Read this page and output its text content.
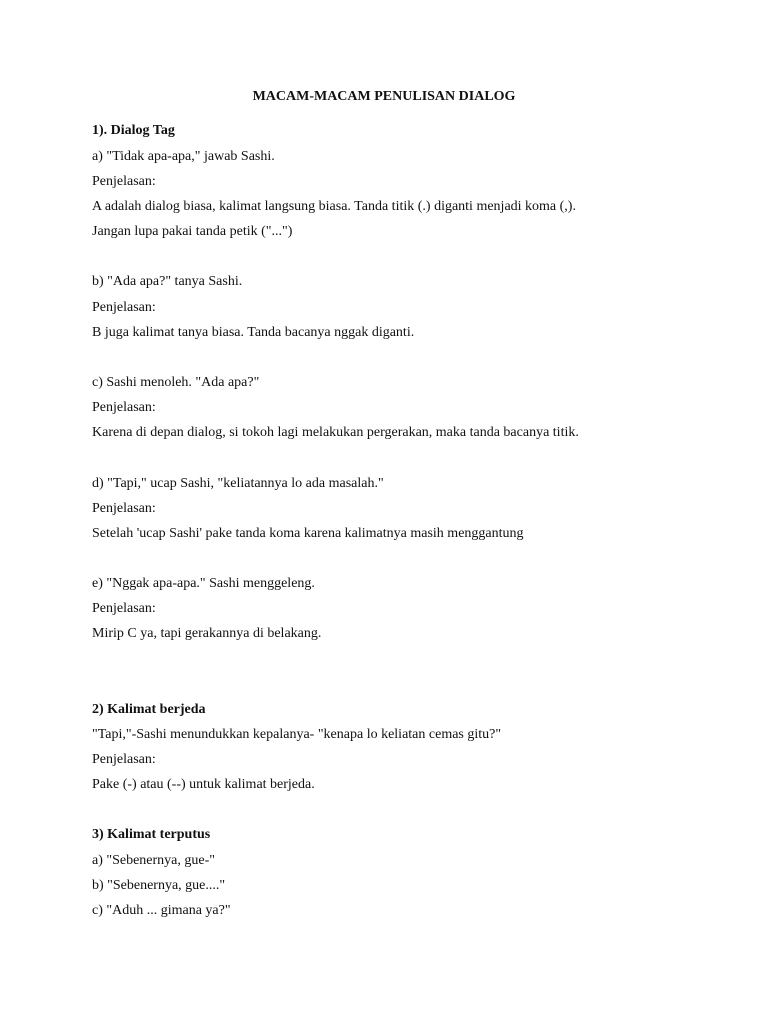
MACAM-MACAM PENULISAN DIALOG
1). Dialog Tag
a) "Tidak apa-apa," jawab Sashi.
Penjelasan:
A adalah dialog biasa, kalimat langsung biasa. Tanda titik (.) diganti menjadi koma (,).
Jangan lupa pakai tanda petik ("...")
b) "Ada apa?" tanya Sashi.
Penjelasan:
B juga kalimat tanya biasa. Tanda bacanya nggak diganti.
c) Sashi menoleh. "Ada apa?"
Penjelasan:
Karena di depan dialog, si tokoh lagi melakukan pergerakan, maka tanda bacanya titik.
d) "Tapi," ucap Sashi, "keliatannya lo ada masalah."
Penjelasan:
Setelah 'ucap Sashi' pake tanda koma karena kalimatnya masih menggantung
e) "Nggak apa-apa." Sashi menggeleng.
Penjelasan:
Mirip C ya, tapi gerakannya di belakang.
2) Kalimat berjeda
"Tapi,"-Sashi menundukkan kepalanya- "kenapa lo keliatan cemas gitu?"
Penjelasan:
Pake (-) atau (--) untuk kalimat berjeda.
3) Kalimat terputus
a) "Sebenernya, gue-"
b) "Sebenernya, gue...."
c) "Aduh ... gimana ya?"
